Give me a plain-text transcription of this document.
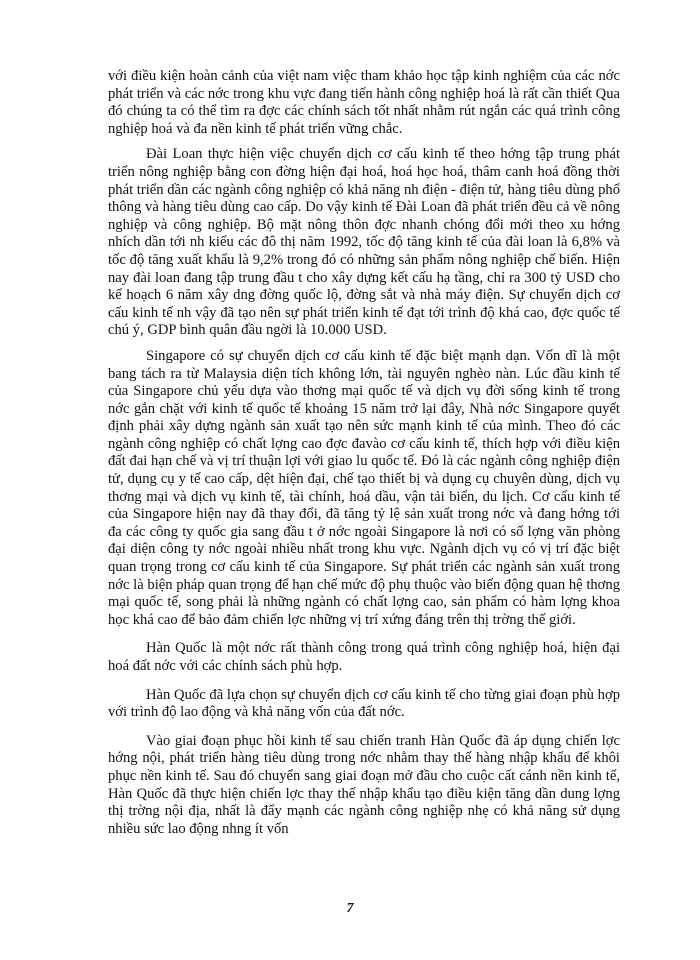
với điều kiện hoàn cảnh của việt nam việc tham khảo học tập kinh nghiệm của các nớc phát triển và các nớc trong khu vực đang tiến hành công nghiệp hoá là rất cần thiết Qua đó chúng ta có thể tìm ra đợc các chính sách tốt nhất nhằm rút ngắn các quá trình công nghiệp hoá và đa nền kinh tế phát triển vững chắc.

Đài Loan thực hiện việc chuyển dịch cơ cấu kinh tế theo hớng tập trung phát triển nông nghiệp bằng con đờng hiện đại hoá, hoá học hoá, thâm canh hoá đồng thời phát triển dần các ngành công nghiệp có khả năng nh điện - điện tử, hàng tiêu dùng phổ thông và hàng tiêu dùng cao cấp. Do vậy kinh tế Đài Loan đã phát triển đều cả về nông nghiệp và công nghiệp. Bộ mặt nông thôn đợc nhanh chóng đổi mới theo xu hớng nhích dần tới nh kiểu các đô thị năm 1992, tốc độ tăng kinh tế của đài loan là 6,8% và tốc độ tăng xuất khẩu là 9,2% trong đó có những sản phẩm nông nghiệp chế biến. Hiện nay đài loan đang tập trung đầu t cho xây dựng kết cấu hạ tầng, chỉ ra 300 tỷ USD cho kế hoạch 6 năm xây dng đờng quốc lộ, đờng sắt và nhà máy điện. Sự chuyển dịch cơ cấu kinh tế nh vậy đã tạo nên sự phát triển kinh tế đạt tới trình độ khá cao, đợc quốc tế chú ý, GDP bình quân đầu ngời là 10.000 USD.

Singapore có sự chuyển dịch cơ cấu kinh tế đặc biệt mạnh dạn. Vốn dĩ là một bang tách ra từ Malaysia diện tích không lớn, tài nguyên nghèo nàn. Lúc đầu kinh tế của Singapore chủ yếu dựa vào thơng mại quốc tế và dịch vụ đời sống kinh tế trong nớc gắn chặt với kinh tế quốc tế khoảng 15 năm trở lại đây, Nhà nớc Singapore quyết định phải xây dựng ngành sản xuất tạo nên sức mạnh kinh tế của mình. Theo đó các ngành công nghiệp có chất lợng cao đợc đavào cơ cấu kinh tế, thích hợp với điều kiện đất đai hạn chế và vị trí thuận lợi với giao lu quốc tế. Đó là các ngành công nghiệp điện tử, dụng cụ y tế cao cấp, dệt hiện đại, chế tạo thiết bị và dụng cụ chuyên dùng, dịch vụ thơng mại và dịch vụ kinh tế, tài chính, hoá dầu, vận tải biển, du lịch. Cơ cấu kinh tế của Singapore hiện nay đã thay đổi, đã tăng tỷ lệ sản xuất trong nớc và đang hớng tới đa các công ty quốc gia sang đầu t ở nớc ngoài Singapore là nơi có số lợng văn phòng đại diện công ty nớc ngoài nhiều nhất trong khu vực. Ngành dịch vụ có vị trí đặc biệt quan trọng trong cơ cấu kinh tế của Singapore. Sự phát triển các ngành sản xuất trong nớc là biện pháp quan trọng để hạn chế mức độ phụ thuộc vào biến động quan hệ thơng mại quốc tế, song phải là những ngành có chất lợng cao, sản phẩm có hàm lợng khoa học khá cao để bảo đảm chiến lợc những vị trí xứng đáng trên thị trờng thế giới.

Hàn Quốc là một nớc rất thành công trong quá trình công nghiệp hoá, hiện đại hoá đất nớc với các chính sách phù hợp.

Hàn Quốc đã lựa chọn sự chuyển dịch cơ cấu kinh tế cho từng giai đoạn phù hợp với trình độ lao động và khả năng vốn của đất nớc.

Vào giai đoạn phục hồi kinh tế sau chiến tranh Hàn Quốc đã áp dụng chiến lợc hớng nội, phát triển hàng tiêu dùng trong nớc nhằm thay thế hàng nhập khẩu để khôi phục nền kinh tế. Sau đó chuyển sang giai đoạn mở đầu cho cuộc cất cánh nền kinh tế, Hàn Quốc đã thực hiện chiến lợc thay thế nhập khẩu tạo điều kiện tăng dần dung lợng thị trờng nội địa, nhất là đẩy mạnh các ngành công nghiệp nhẹ có khả năng sử dụng nhiều sức lao động nhng ít vốn

7
